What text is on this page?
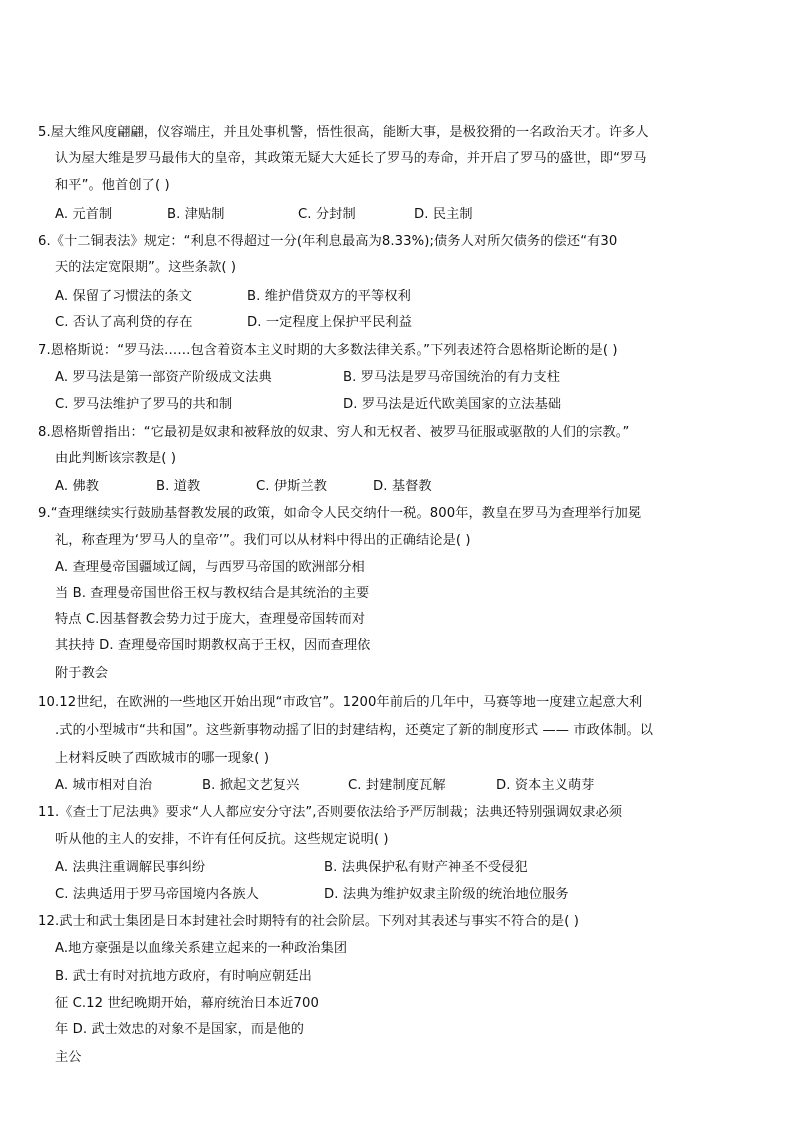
5.屋大维风度翩翩，仪容端庄，并且处事机警，悟性很高，能断大事，是极狡猾的一名政治天才。许多人
认为屋大维是罗马最伟大的皇帝，其政策无疑大大延长了罗马的寿命，并开启了罗马的盛世，即“罗马
和平”。他首创了( )
A. 元首制	B. 津贴制	C. 分封制	D. 民主制
6.《十二铜表法》规定：“利息不得超过一分(年利息最高为8.33%);债务人对所欠债务的偿还“有30
天的法定宽限期”。这些条款( )
A. 保留了习惯法的条文	B. 维护借贷双方的平等权利
C. 否认了高利贷的存在	D. 一定程度上保护平民利益
7.恩格斯说：“罗马法……包含着资本主义时期的大多数法律关系。”下列表述符合恩格斯论断的是( )
A. 罗马法是第一部资产阶级成文法典	B. 罗马法是罗马帝国统治的有力支柱
C. 罗马法维护了罗马的共和制	D. 罗马法是近代欧美国家的立法基础
8.恩格斯曾指出：“它最初是奴隶和被释放的奴隶、穷人和无权者、被罗马征服或驱散的人们的宗教。”
由此判断该宗教是( )
A. 佛教	B. 道教	C. 伊斯兰教	D. 基督教
9.“查理继续实行鼓励基督教发展的政策，如命令人民交纳什一税。800年，教皇在罗马为查理举行加冕
礼，称查理为‘罗马人的皇帝’”。我们可以从材料中得出的正确结论是( )
A. 查理曼帝国疆域辽阔，与西罗马帝国的欧洲部分相
当 B. 查理曼帝国世俗王权与教权结合是其统治的主要
特点 C.因基督教会势力过于庞大，查理曼帝国转而对
其扶持 D. 查理曼帝国时期教权高于王权，因而查理依
附于教会
10.12世纪，在欧洲的一些地区开始出现“市政官”。1200年前后的几年中，马赛等地一度建立起意大利
.式的小型城市“共和国”。这些新事物动摇了旧的封建结构，还奠定了新的制度形式 —— 市政体制。以
上材料反映了西欧城市的哪一现象( )
A. 城市相对自治	B. 掀起文艺复兴	C. 封建制度瓦解	D. 资本主义萌芽
11.《查士丁尼法典》要求“人人都应安分守法”,否则要依法给予严厉制裁；法典还特别强调奴隶必须
听从他的主人的安排，不许有任何反抗。这些规定说明( )
A. 法典注重调解民事纠纷	B. 法典保护私有财产神圣不受侵犯
C. 法典适用于罗马帝国境内各族人	D. 法典为维护奴隶主阶级的统治地位服务
12.武士和武士集团是日本封建社会时期特有的社会阶层。下列对其表述与事实不符合的是( )
A.地方豪强是以血缘关系建立起来的一种政治集团
B. 武士有时对抗地方政府，有时响应朝廷出
征 C.12 世纪晚期开始，幕府统治日本近700
年 D. 武士效忠的对象不是国家，而是他的
主公
